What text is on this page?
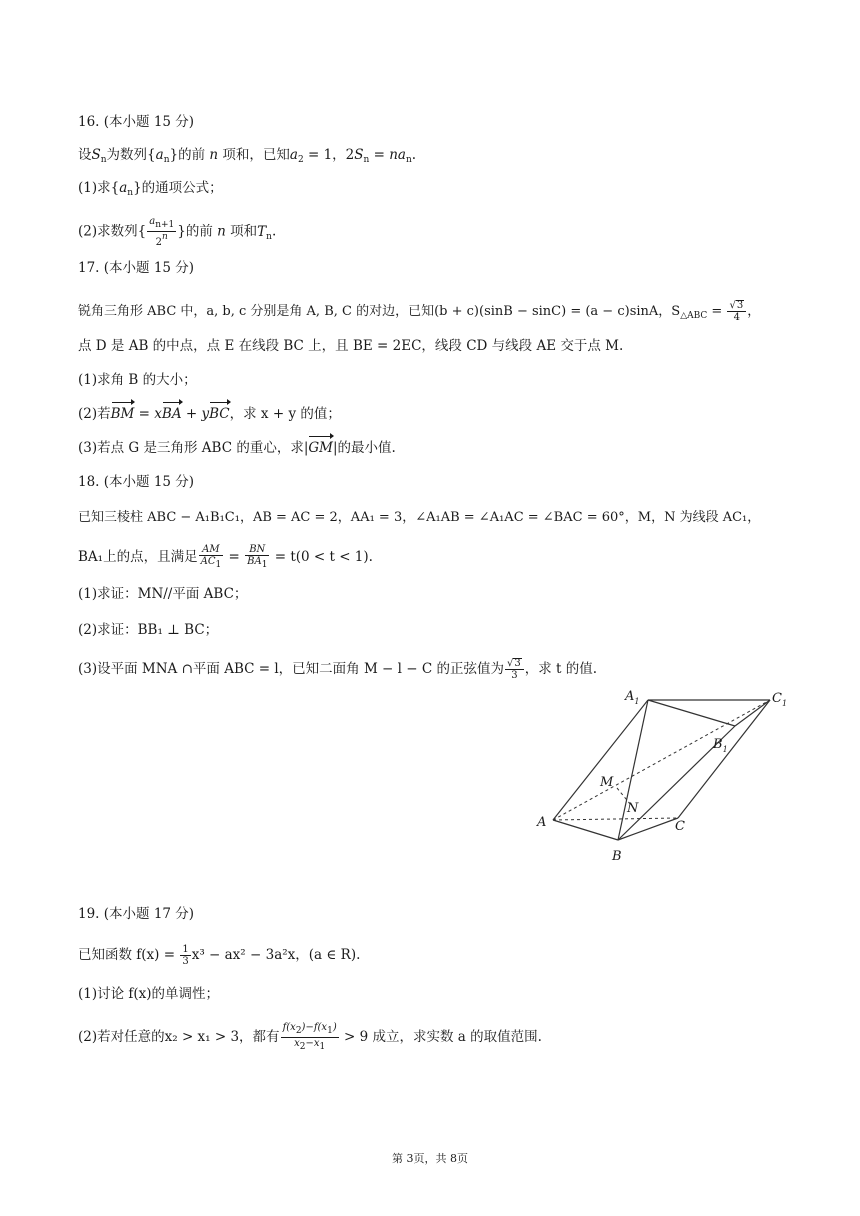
16. (本小题 15 分)
设$S_n$为数列$\{a_n\}$的前 n 项和，已知$a_2 = 1$，$2S_n = na_n$.
(1)求$\{a_n\}$的通项公式；
(2)求数列{ $\frac{an+1}{2n}$ }的前 n 项和$T_n$.
17. (本小题 15 分)
锐角三角形 ABC 中，a, b, c 分别是角 A, B, C 的对边，已知(b + c)(sinB − sinC) = (a − c)sinA，$S_{\triangle ABC} = \frac{√3}{4}$ ，
点 D 是 AB 的中点，点 E 在线段 BC 上，且 BE = 2EC，线段 CD 与线段 AE 交于点 M.
(1)求角 B 的大小；
(2)若BM = xBA + yBC，求 x + y 的值；
(3)若点 G 是三角形 ABC 的重心，求|GM|的最小值.
18. (本小题 15 分)
已知三棱柱 ABC − A₁B₁C₁，AB = AC = 2，AA₁ = 3，∠A₁AB = ∠A₁AC = ∠BAC = 60°，M，N 为线段 AC₁，
BA₁上的点，且满足 $\frac{AM}{AC1} = \frac{BN}{BA1} = t(0 < t < 1)$.
(1)求证：MN//平面 ABC；
(2)求证：BB₁ ⊥ BC；
(3)设平面 MNA ∩平面 ABC = l，已知二面角 M − l − C 的正弦值为 $\frac{√3}{3}$ ，求 t 的值.
$A_1$	$C_1$
$B_1$
M
N
A
B
C
19. (本小题 17 分)
已知函数 $f(x) = \frac{1}{3} x^3 - ax^2 - 3a^2x$，(a ∈ R).
(1)讨论 f(x)的单调性；
(2)若对任意的x₂ > x₁ > 3，都有 $\frac{f(x2)-f(x1)}{x2-x1} > 9$ 成立，求实数 a 的取值范围.
第 3页，共 8页
